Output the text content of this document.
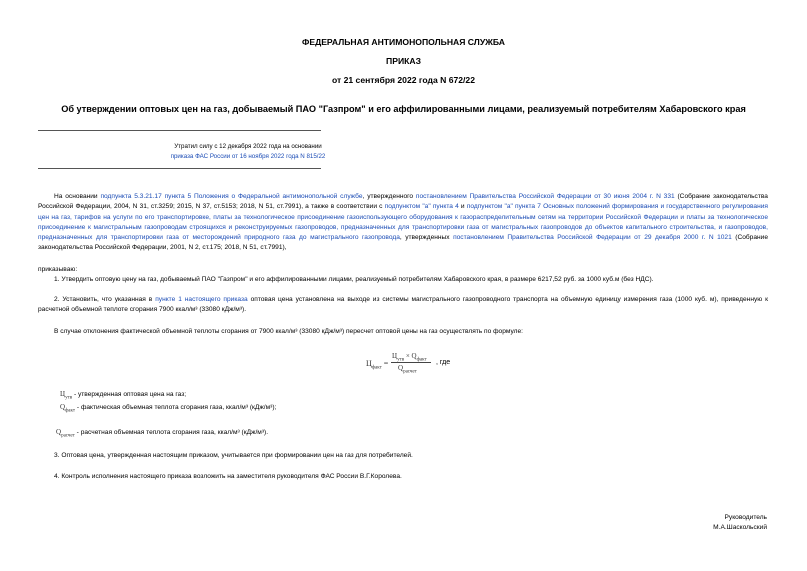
ФЕДЕРАЛЬНАЯ АНТИМОНОПОЛЬНАЯ СЛУЖБА
ПРИКАЗ
от 21 сентября 2022 года N 672/22
Об утверждении оптовых цен на газ, добываемый ПАО "Газпром" и его аффилированными лицами, реализуемый потребителям Хабаровского края
Утратил силу с 12 декабря 2022 года на основании
приказа ФАС России от 16 ноября 2022 года N 815/22
На основании подпункта 5.3.21.17 пункта 5 Положения о Федеральной антимонопольной службе, утвержденного постановлением Правительства Российской Федерации от 30 июня 2004 г. N 331 (Собрание законодательства Российской Федерации, 2004, N 31, ст.3259; 2015, N 37, ст.5153; 2018, N 51, ст.7991), а также в соответствии с подпунктом "а" пункта 4 и подпунктом "а" пункта 7 Основных положений формирования и государственного регулирования цен на газ, тарифов на услуги по его транспортировке, платы за технологическое присоединение газоиспользующего оборудования к газораспределительным сетям на территории Российской Федерации и платы за технологическое присоединение к магистральным газопроводам строящихся и реконструируемых газопроводов, предназначенных для транспортировки газа от магистральных газопроводов до объектов капитального строительства, и газопроводов, предназначенных для транспортировки газа от месторождений природного газа до магистрального газопровода, утвержденных постановлением Правительства Российской Федерации от 29 декабря 2000 г. N 1021 (Собрание законодательства Российской Федерации, 2001, N 2, ст.175; 2018, N 51, ст.7991),
приказываю:
1. Утвердить оптовую цену на газ, добываемый ПАО "Газпром" и его аффилированными лицами, реализуемый потребителям Хабаровского края, в размере 6217,52 руб. за 1000 куб.м (без НДС).
2. Установить, что указанная в пункте 1 настоящего приказа оптовая цена установлена на выходе из системы магистрального газопроводного транспорта на объемную единицу измерения газа (1000 куб. м), приведенную к расчетной объемной теплоте сгорания 7900 ккал/м³ (33080 кДж/м³).
В случае отклонения фактической объемной теплоты сгорания от 7900 ккал/м³ (33080 кДж/м³) пересчет оптовой цены на газ осуществлять по формуле:
$Ц_{факт}$ =
$Ц_{утв} \times Q_{факт}$
$Q_{расчет}$
, где
$Ц_{утв}$ - утвержденная оптовая цена на газ;
$Q_{факт}$ - фактическая объемная теплота сгорания газа, ккал/м³ (кДж/м³);
$Q_{расчет}$ - расчетная объемная теплота сгорания газа, ккал/м³ (кДж/м³).
3. Оптовая цена, утвержденная настоящим приказом, учитывается при формировании цен на газ для потребителей.
4. Контроль исполнения настоящего приказа возложить на заместителя руководителя ФАС России В.Г.Королева.
Руководитель
М.А.Шаскольский
